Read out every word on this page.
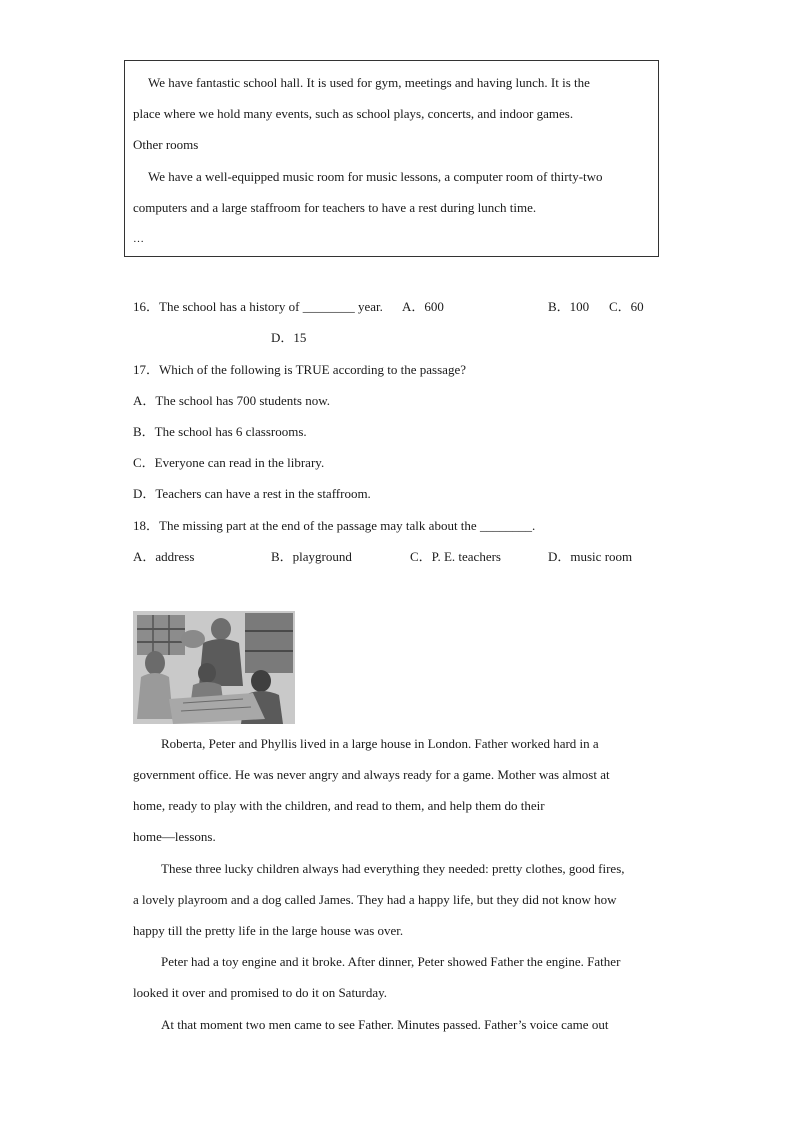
We have fantastic school hall. It is used for gym, meetings and having lunch. It is the
place where we hold many events, such as school plays, concerts, and indoor games.
Other rooms
We have a well-equipped music room for music lessons, a computer room of thirty-two
computers and a large staffroom for teachers to have a rest during lunch time.
…
16．The school has a history of ________ year. A．600	B．100 C．60
D．15
17．Which of the following is TRUE according to the passage?
A．The school has 700 students now.
B．The school has 6 classrooms.
C．Everyone can read in the library.
D．Teachers can have a rest in the staffroom.
18．The missing part at the end of the passage may talk about the ________.
A．address	B．playground	C．P. E. teachers	D．music room
Roberta, Peter and Phyllis lived in a large house in London. Father worked hard in a
government office. He was never angry and always ready for a game. Mother was almost at
home, ready to play with the children, and read to them, and help them do their
home—lessons.
These three lucky children always had everything they needed: pretty clothes, good fires,
a lovely playroom and a dog called James. They had a happy life, but they did not know how
happy till the pretty life in the large house was over.
Peter had a toy engine and it broke. After dinner, Peter showed Father the engine. Father
looked it over and promised to do it on Saturday.
At that moment two men came to see Father. Minutes passed. Father’s voice came out
